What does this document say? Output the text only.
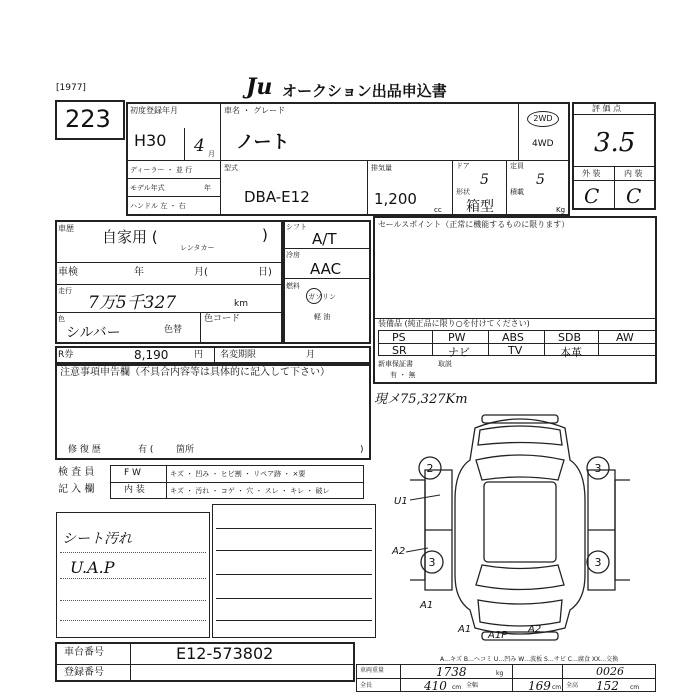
[1977]	Ju オークション出品申込書
223 初度登録年月
H30 4 月
車名 ・ グレード
ノート
2WD
4WD
ディーラー ・ 並 行
モデル年式	年
ハンドル 左 ・ 右
型式
DBA-E12
排気量
1,200
cc
ドア
5
形状
箱型
定員
5
積載
Kg
評 価 点
3.5
外 装	内 装
C C
車歴 自家用 (	)
レンタカー
車検	年	月(	日)
走行
7万5千327	km
色
シルバー	色替
色コード
シフト
A/T
冷房
AAC
燃料
ガソリン
軽 油
セールスポイント（正常に機能するものに限ります）
装備品 (純正品に限り○を付けてください)
PS	PW	ABS	SDB	AW
SR	ナビ	TV	本革
新車保証書
有 ・ 無
取説
R券	8,190	円 名変期限	月
注意事項申告欄（不具合内容等は具体的に記入して下さい）
修 復 歴	有 (	箇所	)
現メ75,327Km
検 査 員
記 入 欄
F W
内 装
キズ ・ 凹み ・ ヒビ割 ・ リペア跡 ・ ×要
キズ ・ 汚れ ・ コゲ ・ 穴 ・ スレ ・ キレ ・ 破レ
シート汚れ
U.A.P
2	3
3	3
U1
A2
A1
A1
A1P
A2
車台番号	E12-573802
登録番号
A…キズ B…ヘコミ U…凹み W…波板 S…サビ C…腐食 XX…交換
車両重量	1738	kg	0026
全長	410 cm 全幅	169 cm 全高 152 cm
